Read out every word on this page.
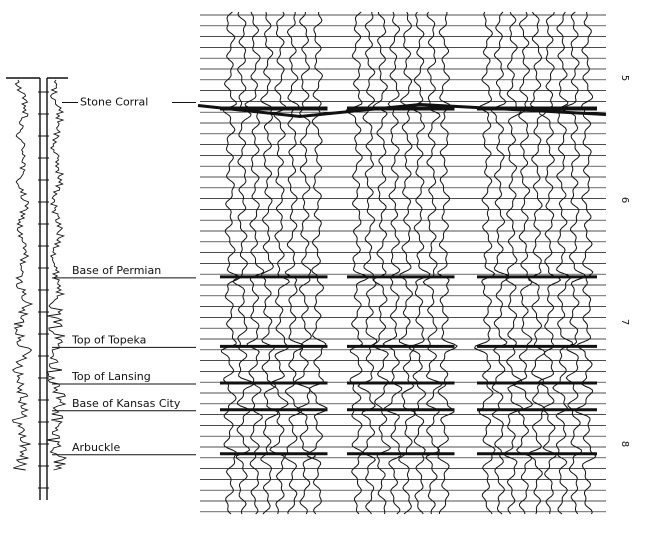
5
6
7
8
Stone Corral
Base of Permian
Top of Topeka
Top of Lansing
Base of Kansas City
Arbuckle
